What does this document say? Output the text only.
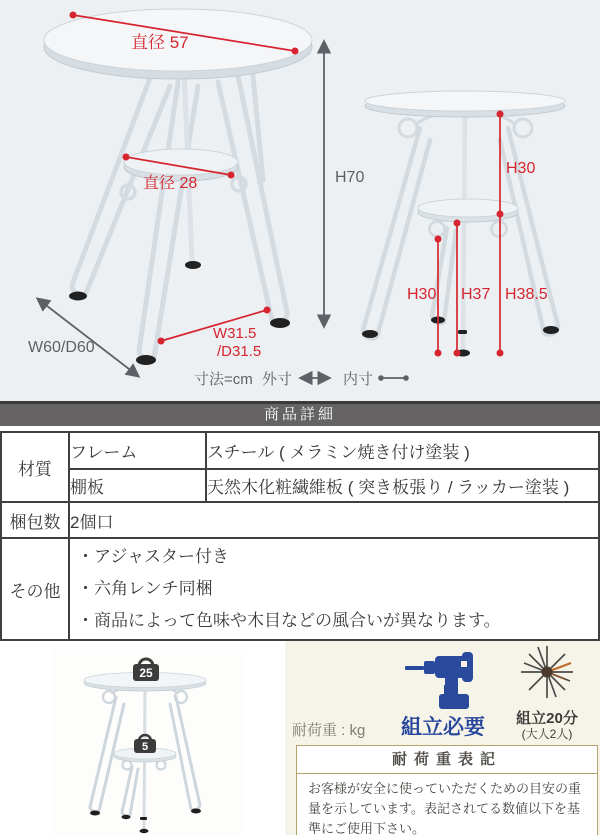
直径 57
直径 28
W31.5
/D31.5
W60/D60
H70
H30
H38.5
H30 H37
寸法=cm 外寸	内寸
商品詳細
材質	フレーム	スチール ( メラミン焼き付け塗装 )
	棚板	天然木化粧繊維板 ( 突き板張り / ラッカー塗装 )
梱包数	2個口	
その他	・アジャスター付き
・六角レンチ同梱
・商品によって色味や木目などの風合いが異なります。	
25
5
耐荷重 : kg	組立必要	組立20分
(大人2人)
耐荷重表記
お客様が安全に使っていただくための目安の重量を示しています。表記されてる数値以下を基準にご使用下さい。
